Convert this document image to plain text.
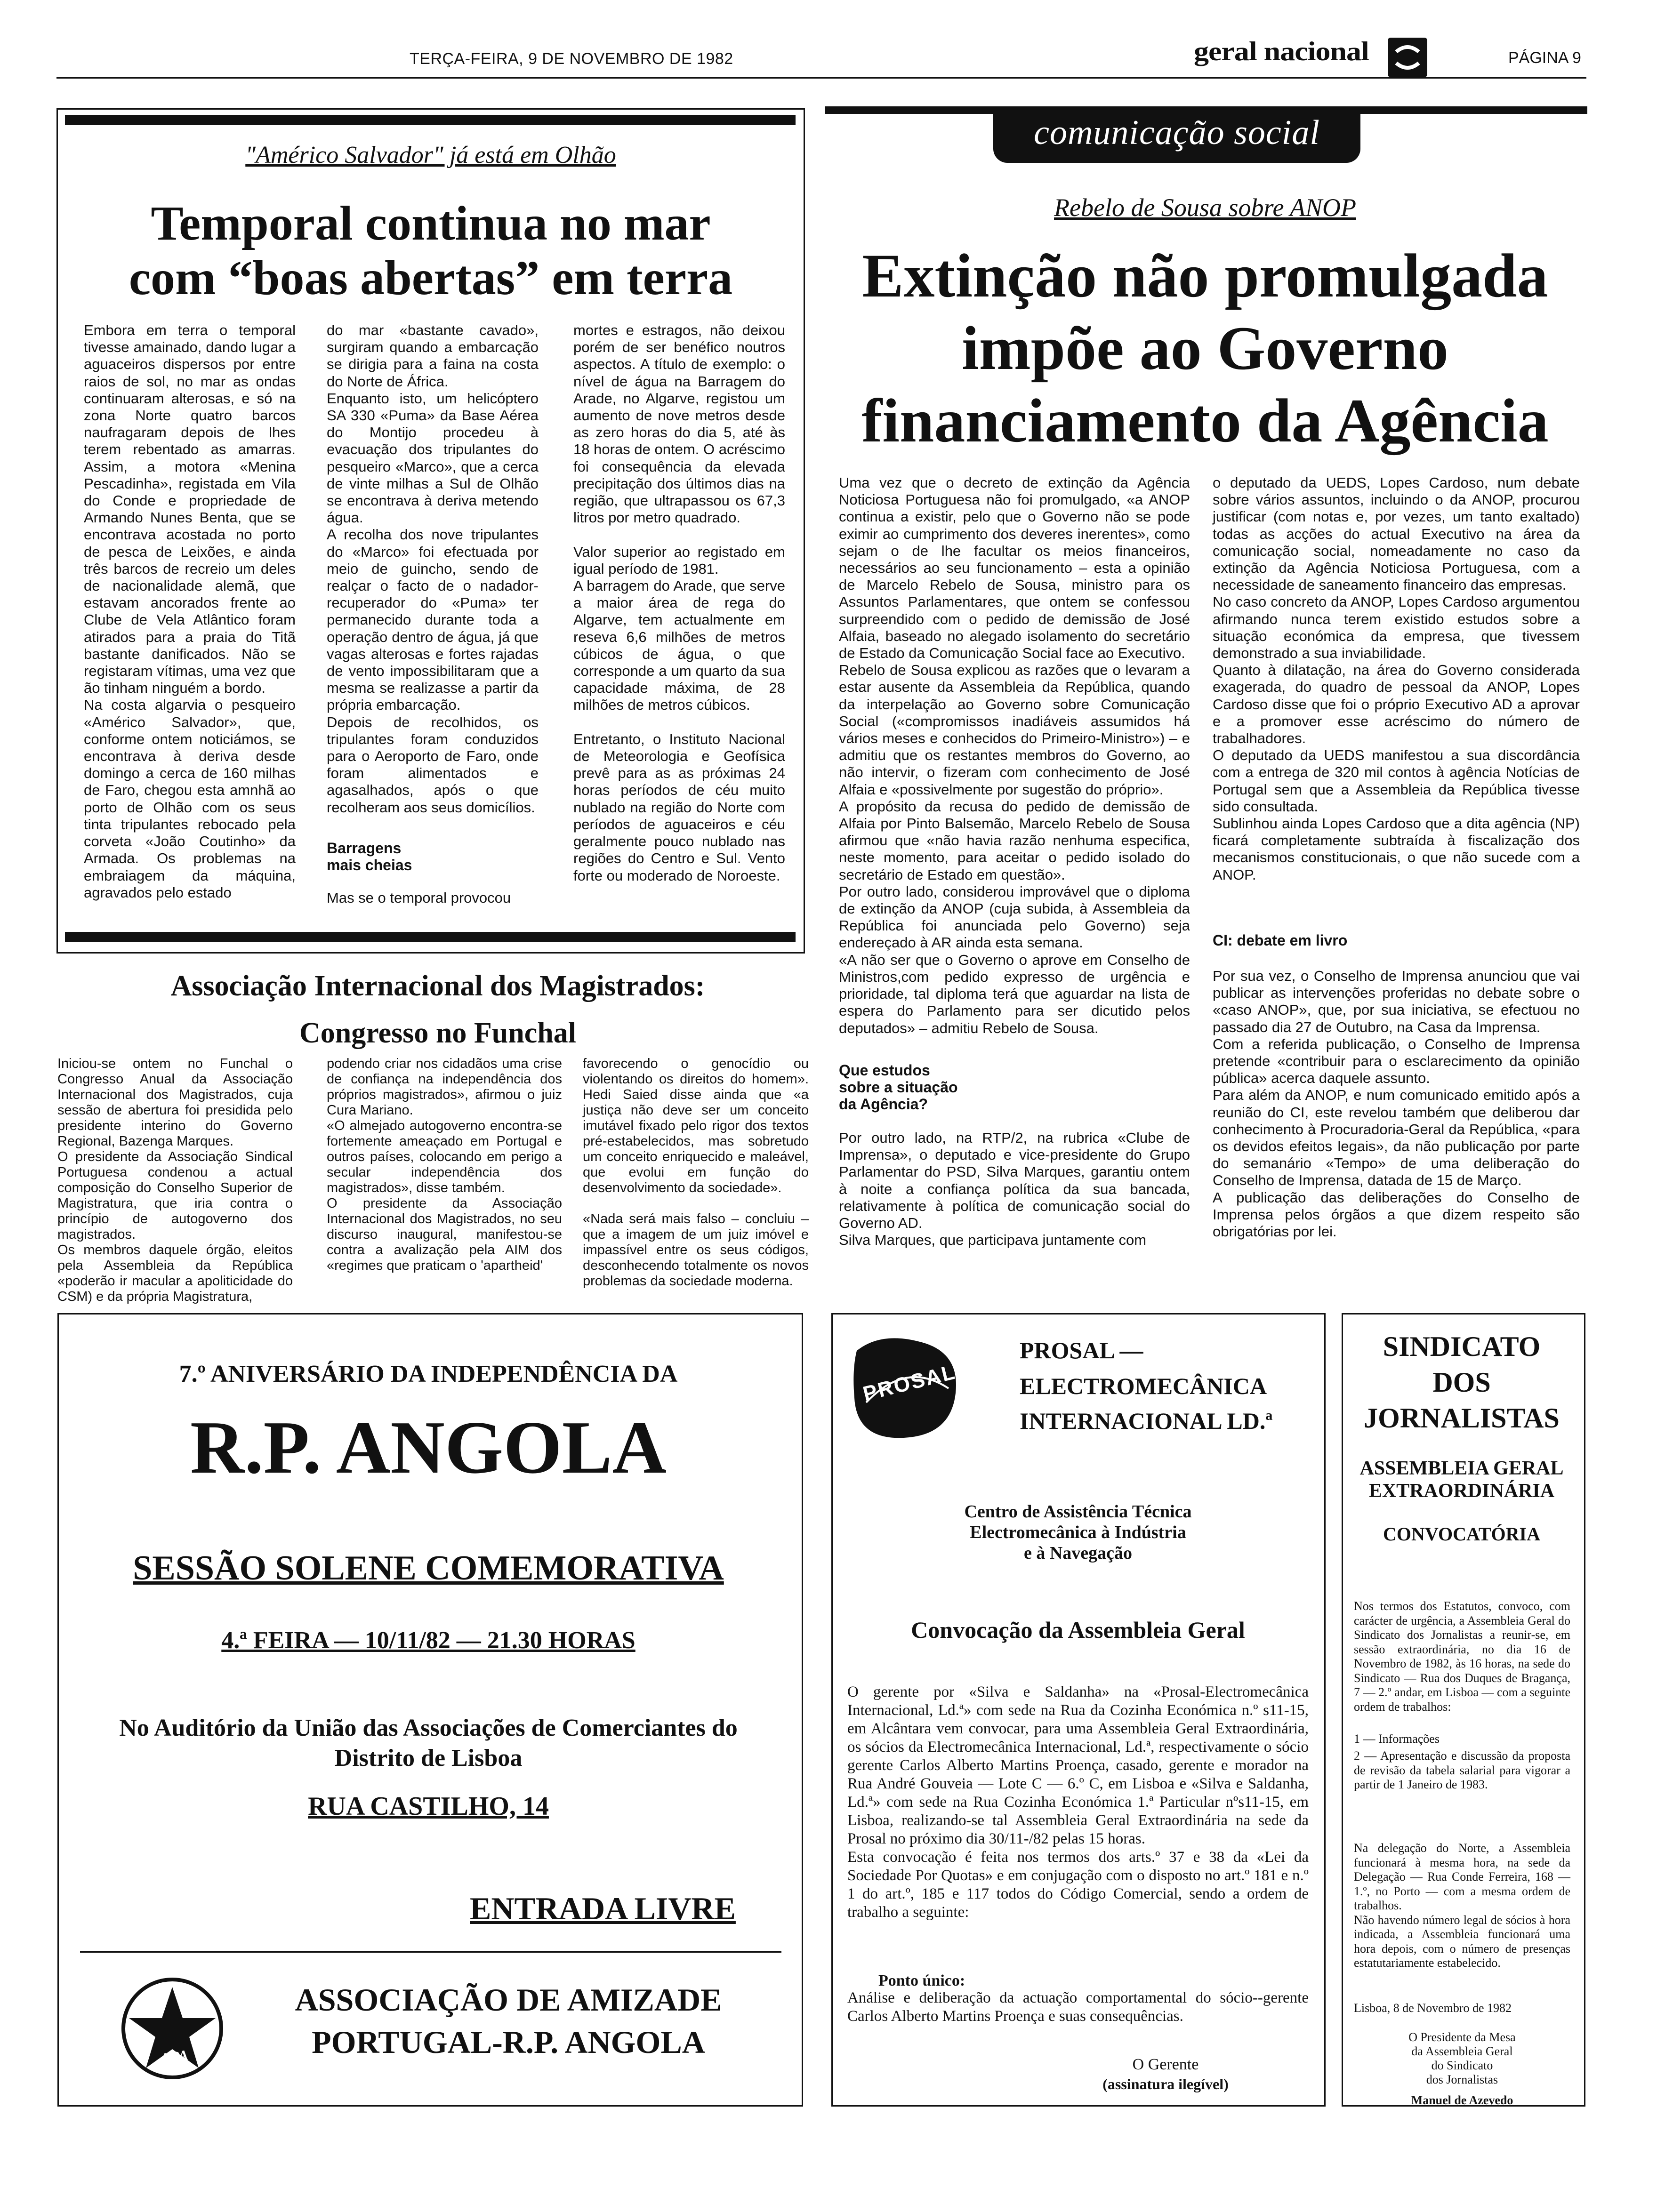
TERÇA-FEIRA, 9 DE NOVEMBRO DE 1982	geral nacional	PÁGINA 9
"Américo Salvador" já está em Olhão
Temporal continua no mar
com “boas abertas” em terra
Embora em terra o temporal tivesse amainado, dando lugar a aguaceiros dispersos por entre raios de sol, no mar as ondas continuaram alterosas, e só na zona Norte quatro barcos naufragaram depois de lhes terem rebentado as amarras. Assim, a motora «Menina Pescadinha», registada em Vila do Conde e propriedade de Armando Nunes Benta, que se encontrava acostada no porto de pesca de Leixões, e ainda três barcos de recreio um deles de nacionalidade alemã, que estavam ancorados frente ao Clube de Vela Atlântico foram atirados para a praia do Titã bastante danificados. Não se registaram vítimas, uma vez que ão tinham ninguém a bordo.
Na costa algarvia o pesqueiro «Américo Salvador», que, conforme ontem noticiámos, se encontrava à deriva desde domingo a cerca de 160 milhas de Faro, chegou esta amnhã ao porto de Olhão com os seus tinta tripulantes rebocado pela corveta «João Coutinho» da Armada. Os problemas na embraiagem da máquina, agravados pelo estado
do mar «bastante cavado», surgiram quando a embarcação se dirigia para a faina na costa do Norte de África.
Enquanto isto, um helicóptero SA 330 «Puma» da Base Aérea do Montijo procedeu à evacuação dos tripulantes do pesqueiro «Marco», que a cerca de vinte milhas a Sul de Olhão se encontrava à deriva metendo água.
A recolha dos nove tripulantes do «Marco» foi efectuada por meio de guincho, sendo de realçar o facto de o nadador-recuperador do «Puma» ter permanecido durante toda a operação dentro de água, já que vagas alterosas e fortes rajadas de vento impossibilitaram que a mesma se realizasse a partir da própria embarcação.
Depois de recolhidos, os tripulantes foram conduzidos para o Aeroporto de Faro, onde foram alimentados e agasalhados, após o que recolheram aos seus domicílios.
Barragens
mais cheias
Mas se o temporal provocou
mortes e estragos, não deixou porém de ser benéfico noutros aspectos. A título de exemplo: o nível de água na Barragem do Arade, no Algarve, registou um aumento de nove metros desde as zero horas do dia 5, até às 18 horas de ontem. O acréscimo foi consequência da elevada precipitação dos últimos dias na região, que ultrapassou os 67,3 litros por metro quadrado.

Valor superior ao registado em igual período de 1981.
A barragem do Arade, que serve a maior área de rega do Algarve, tem actualmente em reseva 6,6 milhões de metros cúbicos de água, o que corresponde a um quarto da sua capacidade máxima, de 28 milhões de metros cúbicos.

Entretanto, o Instituto Nacional de Meteorologia e Geofísica prevê para as as próximas 24 horas períodos de céu muito nublado na região do Norte com períodos de aguaceiros e céu geralmente pouco nublado nas regiões do Centro e Sul. Vento forte ou moderado de Noroeste.
Associação Internacional dos Magistrados:
Congresso no Funchal
Iniciou-se ontem no Funchal o Congresso Anual da Associação Internacional dos Magistrados, cuja sessão de abertura foi presidida pelo presidente interino do Governo Regional, Bazenga Marques.
O presidente da Associação Sindical Portuguesa condenou a actual composição do Conselho Superior de Magistratura, que iria contra o princípio de autogoverno dos magistrados.
Os membros daquele órgão, eleitos pela Assembleia da República «poderão ir macular a apoliticidade do CSM) e da própria Magistratura,
podendo criar nos cidadãos uma crise de confiança na independência dos próprios magistrados», afirmou o juiz Cura Mariano.
«O almejado autogoverno encontra-se fortemente ameaçado em Portugal e outros países, colocando em perigo a secular independência dos magistrados», disse também.
O presidente da Associação Internacional dos Magistrados, no seu discurso inaugural, manifestou-se contra a avalização pela AIM dos «regimes que praticam o 'apartheid'
favorecendo o genocídio ou violentando os direitos do homem». Hedi Saied disse ainda que «a justiça não deve ser um conceito imutável fixado pelo rigor dos textos pré-estabelecidos, mas sobretudo um conceito enriquecido e maleável, que evolui em função do desenvolvimento da sociedade».

«Nada será mais falso – concluiu – que a imagem de um juiz imóvel e impassível entre os seus códigos, desconhecendo totalmente os novos problemas da sociedade moderna.
comunicação social
Rebelo de Sousa sobre ANOP
Extinção não promulgada
impõe ao Governo
financiamento da Agência
Uma vez que o decreto de extinção da Agência Noticiosa Portuguesa não foi promulgado, «a ANOP continua a existir, pelo que o Governo não se pode eximir ao cumprimento dos deveres inerentes», como sejam o de lhe facultar os meios financeiros, necessários ao seu funcionamento – esta a opinião de Marcelo Rebelo de Sousa, ministro para os Assuntos Parlamentares, que ontem se confessou surpreendido com o pedido de demissão de José Alfaia, baseado no alegado isolamento do secretário de Estado da Comunicação Social face ao Executivo.
Rebelo de Sousa explicou as razões que o levaram a estar ausente da Assembleia da República, quando da interpelação ao Governo sobre Comunicação Social («compromissos inadiáveis assumidos há vários meses e conhecidos do Primeiro-Ministro») – e admitiu que os restantes membros do Governo, ao não intervir, o fizeram com conhecimento de José Alfaia e «possivelmente por sugestão do próprio».
A propósito da recusa do pedido de demissão de Alfaia por Pinto Balsemão, Marcelo Rebelo de Sousa afirmou que «não havia razão nenhuma especifica, neste momento, para aceitar o pedido isolado do secretário de Estado em questão».
Por outro lado, considerou improvável que o diploma de extinção da ANOP (cuja subida, à Assembleia da República foi anunciada pelo Governo) seja endereçado à AR ainda esta semana.
«A não ser que o Governo o aprove em Conselho de Ministros,com pedido expresso de urgência e prioridade, tal diploma terá que aguardar na lista de espera do Parlamento para ser dicutido pelos deputados» – admitiu Rebelo de Sousa.
Que estudos
sobre a situação
da Agência?
Por outro lado, na RTP/2, na rubrica «Clube de Imprensa», o deputado e vice-presidente do Grupo Parlamentar do PSD, Silva Marques, garantiu ontem à noite a confiança política da sua bancada, relativamente à política de comunicação social do Governo AD.
Silva Marques, que participava juntamente com
o deputado da UEDS, Lopes Cardoso, num debate sobre vários assuntos, incluindo o da ANOP, procurou justificar (com notas e, por vezes, um tanto exaltado) todas as acções do actual Executivo na área da comunicação social, nomeadamente no caso da extinção da Agência Noticiosa Portuguesa, com a necessidade de saneamento financeiro das empresas.
No caso concreto da ANOP, Lopes Cardoso argumentou afirmando nunca terem existido estudos sobre a situação económica da empresa, que tivessem demonstrado a sua inviabilidade.
Quanto à dilatação, na área do Governo considerada exagerada, do quadro de pessoal da ANOP, Lopes Cardoso disse que foi o próprio Executivo AD a aprovar e a promover esse acréscimo do número de trabalhadores.
O deputado da UEDS manifestou a sua discordância com a entrega de 320 mil contos à agência Notícias de Portugal sem que a Assembleia da República tivesse sido consultada.
Sublinhou ainda Lopes Cardoso que a dita agência (NP) ficará completamente subtraída à fiscalização dos mecanismos constitucionais, o que não sucede com a ANOP.
CI: debate em livro
Por sua vez, o Conselho de Imprensa anunciou que vai publicar as intervenções proferidas no debate sobre o «caso ANOP», que, por sua iniciativa, se efectuou no passado dia 27 de Outubro, na Casa da Imprensa.
Com a referida publicação, o Conselho de Imprensa pretende «contribuir para o esclarecimento da opinião pública» acerca daquele assunto.
Para além da ANOP, e num comunicado emitido após a reunião do CI, este revelou também que deliberou dar conhecimento à Procuradoria-Geral da República, «para os devidos efeitos legais», da não publicação por parte do semanário «Tempo» de uma deliberação do Conselho de Imprensa, datada de 15 de Março.
A publicação das deliberações do Conselho de Imprensa pelos órgãos a que dizem respeito são obrigatórias por lei.
7.º ANIVERSÁRIO DA INDEPENDÊNCIA DA
R.P. ANGOLA
SESSÃO SOLENE COMEMORATIVA
4.ª FEIRA — 10/11/82 — 21.30 HORAS
No Auditório da União das Associações de Comerciantes do Distrito de Lisboa
RUA CASTILHO, 14
ENTRADA LIVRE
APA
ASSOCIAÇÃO DE AMIZADE
PORTUGAL-R.P. ANGOLA
PROSAL
PROSAL —
ELECTROMECÂNICA
INTERNACIONAL LD.ª
Centro de Assistência Técnica
Electromecânica à Indústria
e à Navegação
Convocação da Assembleia Geral
O gerente por «Silva e Saldanha» na «Prosal-Electromecânica Internacional, Ld.ª» com sede na Rua da Cozinha Económica n.º s11-15, em Alcântara vem convocar, para uma Assembleia Geral Extraordinária, os sócios da Electromecânica Internacional, Ld.ª, respectivamente o sócio gerente Carlos Alberto Martins Proença, casado, gerente e morador na Rua André Gouveia — Lote C — 6.º C, em Lisboa e «Silva e Saldanha, Ld.ª» com sede na Rua Cozinha Económica 1.ª Particular nºs11-15, em Lisboa, realizando-se tal Assembleia Geral Extraordinária na sede da Prosal no próximo dia 30/11-/82 pelas 15 horas.
Esta convocação é feita nos termos dos arts.º 37 e 38 da «Lei da Sociedade Por Quotas» e em conjugação com o disposto no art.º 181 e n.º 1 do art.º, 185 e 117 todos do Código Comercial, sendo a ordem de trabalho a seguinte:
Ponto único:
Análise e deliberação da actuação comportamental do sócio--gerente Carlos Alberto Martins Proença e suas consequências.
O Gerente
(assinatura ilegível)
SINDICATO
DOS
JORNALISTAS
ASSEMBLEIA GERAL
EXTRAORDINÁRIA
CONVOCATÓRIA
Nos termos dos Estatutos, convoco, com carácter de urgência, a Assembleia Geral do Sindicato dos Jornalistas a reunir-se, em sessão extraordinária, no dia 16 de Novembro de 1982, às 16 horas, na sede do Sindicato — Rua dos Duques de Bragança, 7 — 2.º andar, em Lisboa — com a seguinte ordem de trabalhos:
1 — Informações
2 — Apresentação e discussão da proposta de revisão da tabela salarial para vigorar a partir de 1 Janeiro de 1983.
Na delegação do Norte, a Assembleia funcionará à mesma hora, na sede da Delegação — Rua Conde Ferreira, 168 — 1.º, no Porto — com a mesma ordem de trabalhos.
Não havendo número legal de sócios à hora indicada, a Assembleia funcionará uma hora depois, com o número de presenças estatutariamente estabelecido.
Lisboa, 8 de Novembro de 1982
O Presidente da Mesa
da Assembleia Geral
do Sindicato
dos Jornalistas
Manuel de Azevedo
